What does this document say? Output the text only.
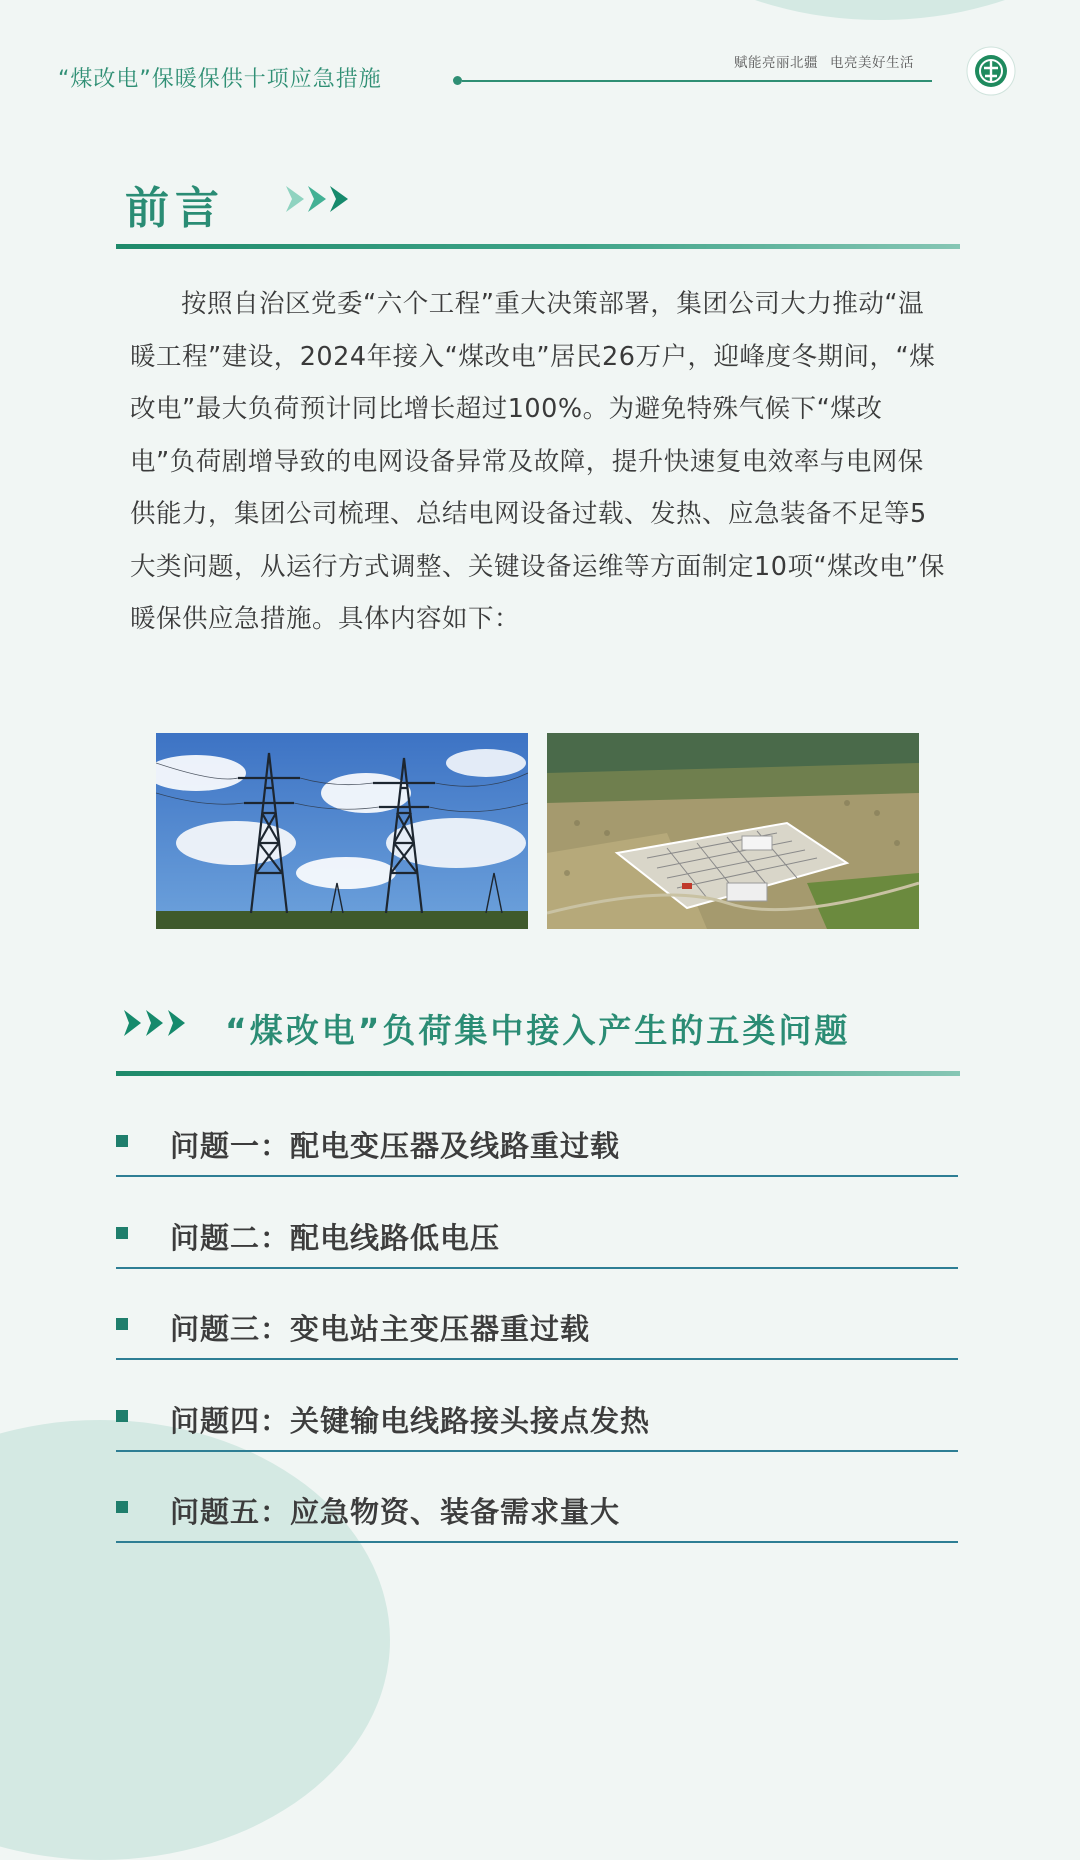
“煤改电”保暖保供十项应急措施
赋能亮丽北疆 电亮美好生活
前言
按照自治区党委“六个工程”重大决策部署，集团公司大力推动“温暖工程”建设，2024年接入“煤改电”居民26万户，迎峰度冬期间，“煤改电”最大负荷预计同比增长超过100%。为避免特殊气候下“煤改电”负荷剧增导致的电网设备异常及故障，提升快速复电效率与电网保供能力，集团公司梳理、总结电网设备过载、发热、应急装备不足等5大类问题，从运行方式调整、关键设备运维等方面制定10项“煤改电”保暖保供应急措施。具体内容如下：
“煤改电”负荷集中接入产生的五类问题
问题一：配电变压器及线路重过载
问题二：配电线路低电压
问题三：变电站主变压器重过载
问题四：关键输电线路接头接点发热
问题五：应急物资、装备需求量大
